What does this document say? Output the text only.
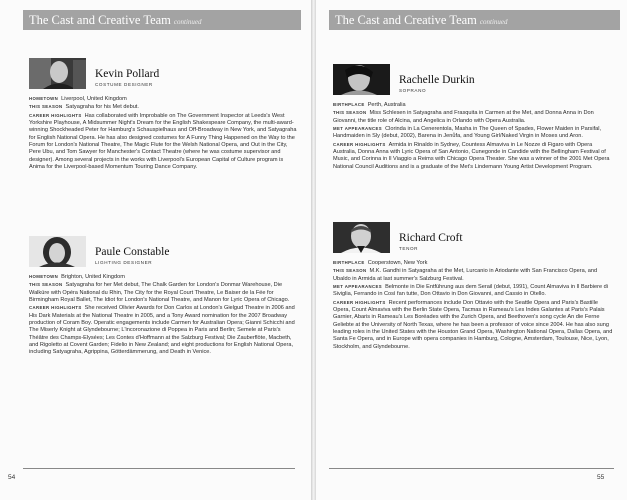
The Cast and Creative Team continued
Kevin Pollard
COSTUME DESIGNER

HOMETOWN Liverpool, United Kingdom

THIS SEASON Satyagraha for his Met debut.

CAREER HIGHLIGHTS Has collaborated with Improbable on The Government Inspector at Leeds's West Yorkshire Playhouse, A Midsummer Night's Dream for the English Shakespeare Company, the multi-award-winning Shockheaded Peter for Hamburg's Schauspielhaus and Off-Broadway in New York, and Satyagraha for English National Opera. He has also designed costumes for A Funny Thing Happened on the Way to the Forum for London's National Theatre, The Magic Flute for the Welsh National Opera, and Out in the City, Pere Ubu, and Tom Sawyer for Manchester's Contact Theatre (where he was costume supervisor and designer). Among several projects in the works with Liverpool's European Capital of Culture program is Anima for the Liverpool-based Momentum Touring Dance Company.

Paule Constable
LIGHTING DESIGNER

HOMETOWN Brighton, United Kingdom

THIS SEASON Satyagraha for her Met debut, The Chalk Garden for London's Donmar Warehouse, Die Walküre with Opéra National du Rhin, The City for the Royal Court Theatre, Le Baiser de la Fée for Birmingham Royal Ballet, The Idiot for London's National Theatre, and Manon for Lyric Opera of Chicago.

CAREER HIGHLIGHTS She received Olivier Awards for Don Carlos at London's Gielgud Theatre in 2006 and His Dark Materials at the National Theatre in 2005, and a Tony Award nomination for the 2007 Broadway production of Coram Boy. Operatic engagements include Carmen for Australian Opera; Gianni Schicchi and The Miserly Knight at Glyndebourne; L'incoronazione di Poppea in Paris and Berlin; Semele at Paris's Théâtre des Champs-Elysées; Les Contes d'Hoffmann at the Salzburg Festival; Die Zauberflöte, Macbeth, and Rigoletto at Covent Garden; Fidelio in New Zealand; and eight productions for English National Opera, including Satyagraha, Agrippina, Götterdämmerung, and Death in Venice.

54
The Cast and Creative Team continued
Rachelle Durkin
SOPRANO

BIRTHPLACE Perth, Australia

THIS SEASON Miss Schlesen in Satyagraha and Frasquita in Carmen at the Met, and Donna Anna in Don Giovanni, the title role of Alcina, and Angelica in Orlando with Opera Australia.

MET APPEARANCES Clorinda in La Cenerentola, Masha in The Queen of Spades, Flower Maiden in Parsifal, Handmaiden in Sly (debut, 2002), Barena in Jenůfa, and Young Girl/Naked Virgin in Moses und Aron.

CAREER HIGHLIGHTS Armida in Rinaldo in Sydney, Countess Almaviva in Le Nozze di Figaro with Opera Australia, Donna Anna with Lyric Opera of San Antonio, Cunegonde in Candide with the Bellingham Festival of Music, and Corinna in Il Viaggio a Reims with Chicago Opera Theater. She was a winner of the 2001 Met Opera National Council Auditions and is a graduate of the Met's Lindemann Young Artist Development Program.

Richard Croft
TENOR

BIRTHPLACE Cooperstown, New York

THIS SEASON M.K. Gandhi in Satyagraha at the Met, Lurcanio in Ariodante with San Francisco Opera, and Ubaldo in Armida at last summer's Salzburg Festival.

MET APPEARANCES Belmonte in Die Entführung aus dem Serail (debut, 1991), Count Almaviva in Il Barbiere di Siviglia, Ferrando in Così fan tutte, Don Ottavio in Don Giovanni, and Cassio in Otello.

CAREER HIGHLIGHTS Recent performances include Don Ottavio with the Seattle Opera and Paris's Bastille Opera, Count Almaviva with the Berlin State Opera, Tacmas in Rameau's Les Indes Galantes at Paris's Palais Garnier, Abaris in Rameau's Les Boréades with the Zurich Opera, and Beethoven's song cycle An die Ferne Geliebte at the University of North Texas, where he has been a professor of voice since 2004. He has also sung leading roles in the United States with the Houston Grand Opera, Washington National Opera, Dallas Opera, and Santa Fe Opera, and in Europe with opera companies in Hamburg, Cologne, Amsterdam, Toulouse, Nice, Lyon, Stockholm, and Glyndebourne.

55
